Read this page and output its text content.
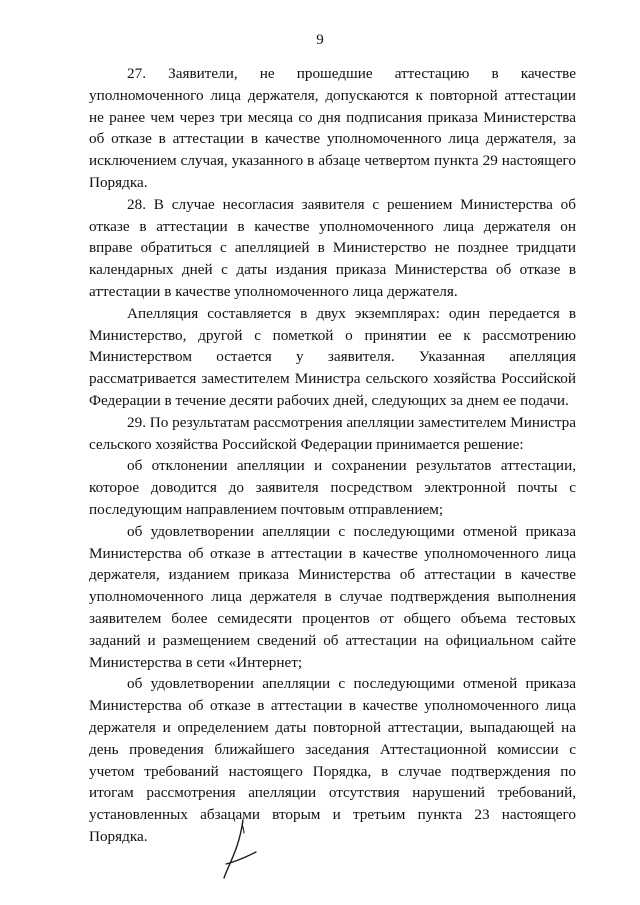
9

27. Заявители, не прошедшие аттестацию в качестве уполномоченного лица держателя, допускаются к повторной аттестации не ранее чем через три месяца со дня подписания приказа Министерства об отказе в аттестации в качестве уполномоченного лица держателя, за исключением случая, указанного в абзаце четвертом пункта 29 настоящего Порядка.

28. В случае несогласия заявителя с решением Министерства об отказе в аттестации в качестве уполномоченного лица держателя он вправе обратиться с апелляцией в Министерство не позднее тридцати календарных дней с даты издания приказа Министерства об отказе в аттестации в качестве уполномоченного лица держателя.

Апелляция составляется в двух экземплярах: один передается в Министерство, другой с пометкой о принятии ее к рассмотрению Министерством остается у заявителя. Указанная апелляция рассматривается заместителем Министра сельского хозяйства Российской Федерации в течение десяти рабочих дней, следующих за днем ее подачи.

29. По результатам рассмотрения апелляции заместителем Министра сельского хозяйства Российской Федерации принимается решение:

об отклонении апелляции и сохранении результатов аттестации, которое доводится до заявителя посредством электронной почты с последующим направлением почтовым отправлением;

об удовлетворении апелляции с последующими отменой приказа Министерства об отказе в аттестации в качестве уполномоченного лица держателя, изданием приказа Министерства об аттестации в качестве уполномоченного лица держателя в случае подтверждения выполнения заявителем более семидесяти процентов от общего объема тестовых заданий и размещением сведений об аттестации на официальном сайте Министерства в сети «Интернет;

об удовлетворении апелляции с последующими отменой приказа Министерства об отказе в аттестации в качестве уполномоченного лица держателя и определением даты повторной аттестации, выпадающей на день проведения ближайшего заседания Аттестационной комиссии с учетом требований настоящего Порядка, в случае подтверждения по итогам рассмотрения апелляции отсутствия нарушений требований, установленных абзацами вторым и третьим пункта 23 настоящего Порядка.
